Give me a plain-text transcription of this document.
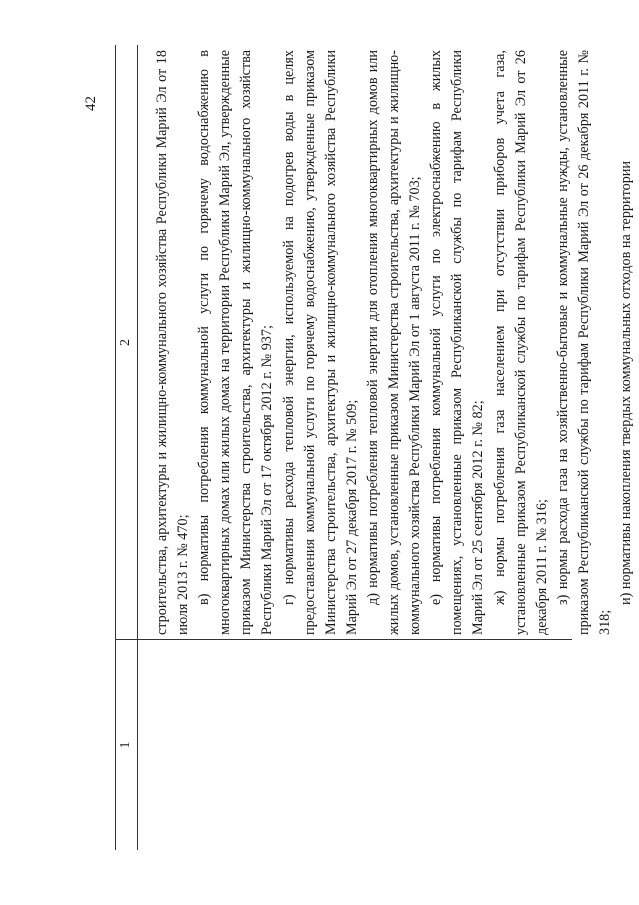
42
1
2 строительства, архитектуры и жилищно-коммунального хозяйства Республики Марий Эл от 18 июля 2013 г. № 470; в) нормативы потребления коммунальной услуги по горячему водоснабжению в многоквартирных домах или жилых домах на территории Республики Марий Эл, утвержденные приказом Министерства строительства, архитектуры и жилищно-коммунального хозяйства Республики Марий Эл от 17 октября 2012 г. № 937; г) нормативы расхода тепловой энергии, используемой на подогрев воды в целях предоставления коммунальной услуги по горячему водоснабжению, утвержденные приказом Министерства строительства, архитектуры и жилищно-коммунального хозяйства Республики Марий Эл от 27 декабря 2017 г. № 509; д) нормативы потребления тепловой энергии для отопления многоквартирных домов или жилых домов, установленные приказом Министерства строительства, архитектуры и жилищно-коммунального хозяйства Республики Марий Эл от 1 августа 2011 г. № 703; е) нормативы потребления коммунальной услуги по электроснабжению в жилых помещениях, установленные приказом Республиканской службы по тарифам Республики Марий Эл от 25 сентября 2012 г. № 82; ж) нормы потребления газа населением при отсутствии приборов учета газа, установленные приказом Республиканской службы по тарифам Республики Марий Эл от 26 декабря 2011 г. № 316; з) нормы расхода газа на хозяйственно-бытовые и коммунальные нужды, установленные приказом Республиканской службы по тарифам Республики Марий Эл от 26 декабря 2011 г. № 318;

и) нормативы накопления твердых коммунальных отходов на территории
